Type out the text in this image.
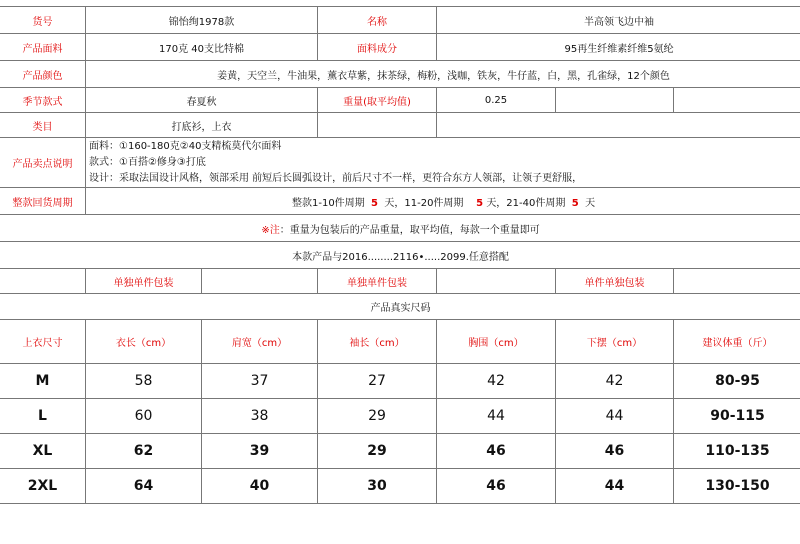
货号	锦怡绚1978款		名称	半高领飞边中袖		
产品面料	170克 40支比特棉		面料成分	95再生纤维素纤维5氨纶		
产品颜色	姜黄，天空兰，牛油果，薰衣草紫，抹茶绿，梅粉，浅咖，铁灰，牛仔蓝，白，黑，孔雀绿，12个颜色					
季节款式	春夏秋		重量(取平均值)	0.25		
类目	打底衫，上衣					
产品卖点说明	面料：①160-180克②40支精梳莫代尔面料
款式：①百搭②修身③打底
设计：采取法国设计风格，领部采用 前短后长圆弧设计，前后尺寸不一样，更符合东方人领部，让领子更舒服，					

整款回货周期	整款1-10件周期 5 天，11-20件周期 5 天，21-40件周期 5 天					
※注：重量为包装后的产品重量，取平均值，每款一个重量即可						
本款产品与2016........2116•.....2099.任意搭配						
	单独单件包装		单独单件包装		单件单独包装	
产品真实尺码						
上衣尺寸	衣长（cm）	肩宽（cm）	袖长（cm）	胸围（cm）	下摆（cm）	建议体重（斤）
M	58	37	27	42	42	80-95
L	60	38	29	44	44	90-115
XL	62	39	29	46	46	110-135
2XL	64	40	30	46	44	130-150
